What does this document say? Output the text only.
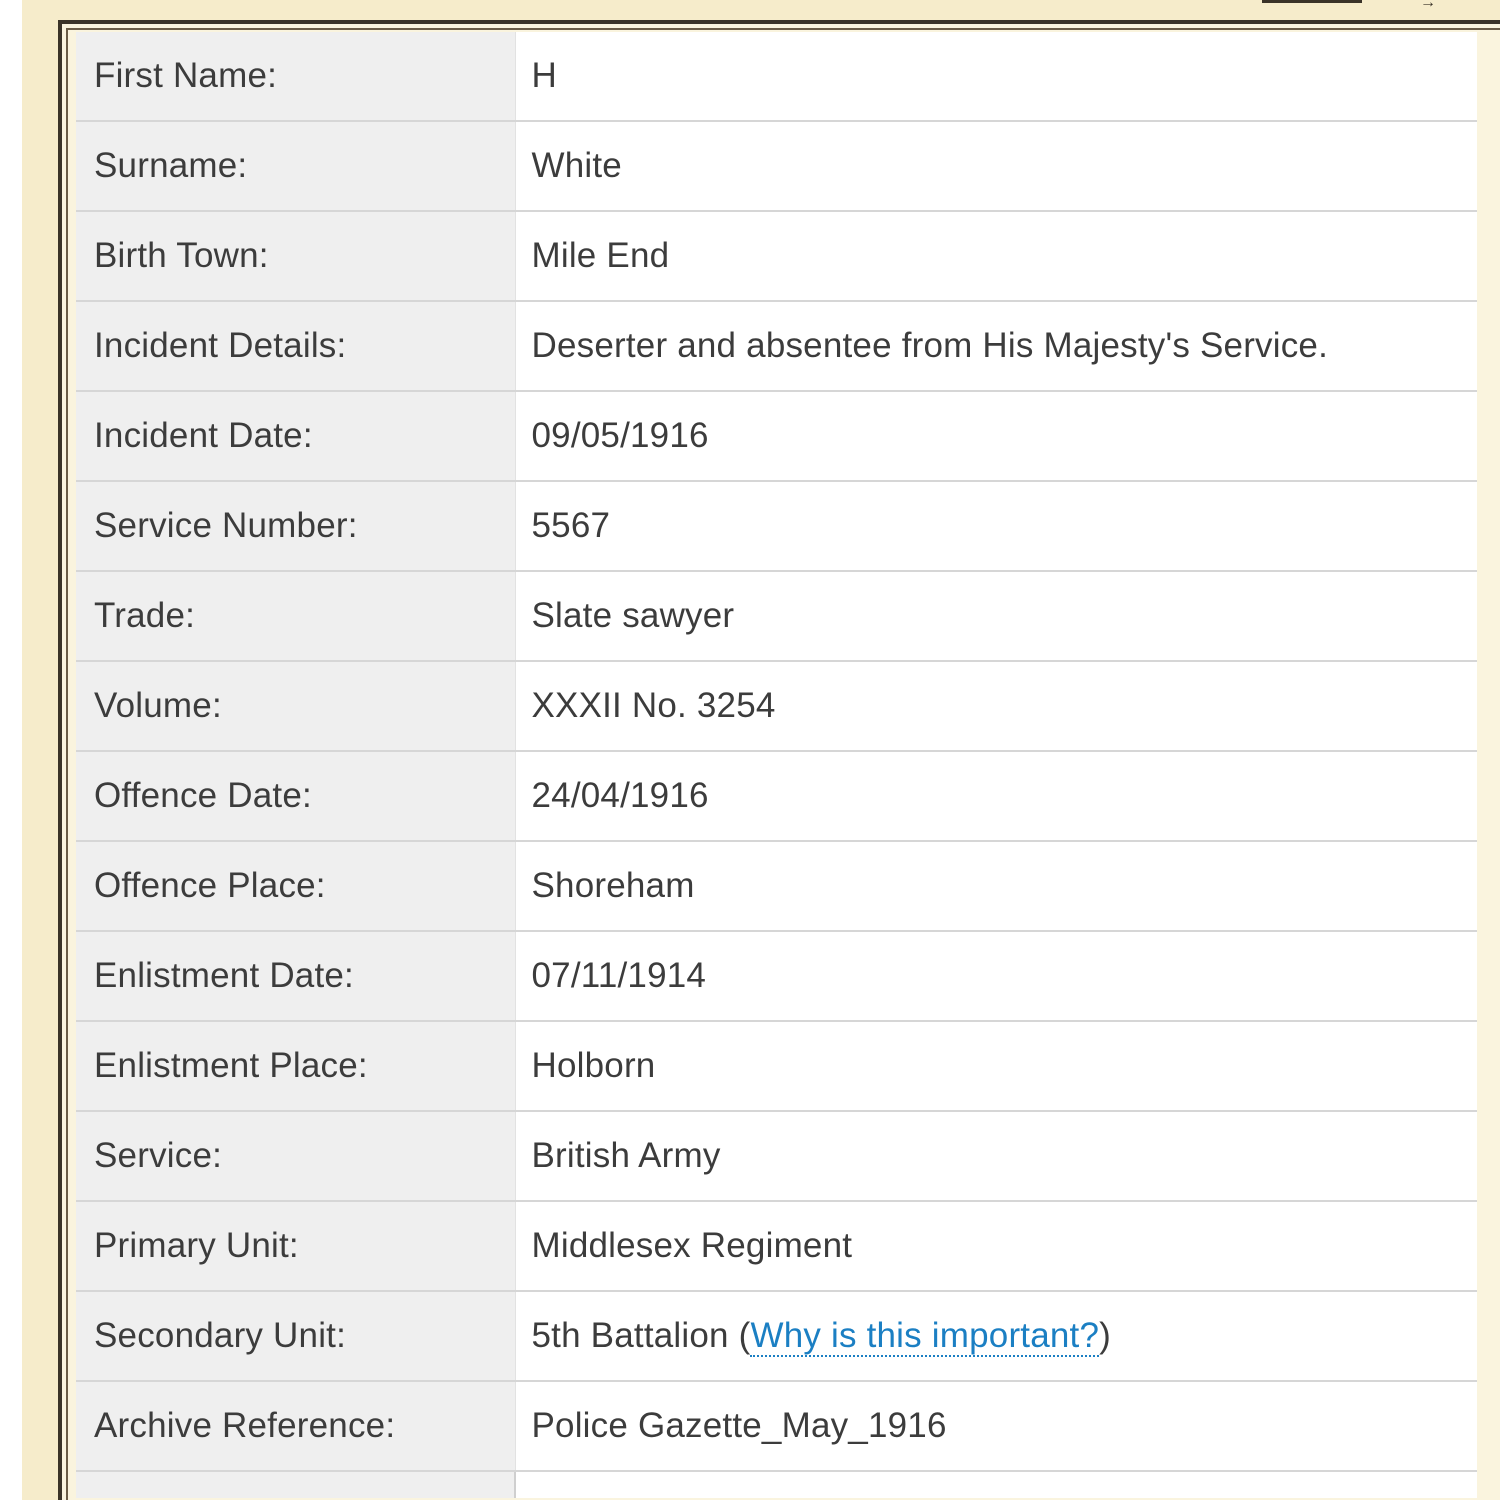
→
First Name:	H
Surname:	White
Birth Town:	Mile End
Incident Details:	Deserter and absentee from His Majesty's Service.
Incident Date:	09/05/1916
Service Number:	5567
Trade:	Slate sawyer
Volume:	XXXII No. 3254
Offence Date:	24/04/1916
Offence Place:	Shoreham
Enlistment Date:	07/11/1914
Enlistment Place:	Holborn
Service:	British Army
Primary Unit:	Middlesex Regiment
Secondary Unit:	5th Battalion (Why is this important?)
Archive Reference:	Police Gazette_May_1916
